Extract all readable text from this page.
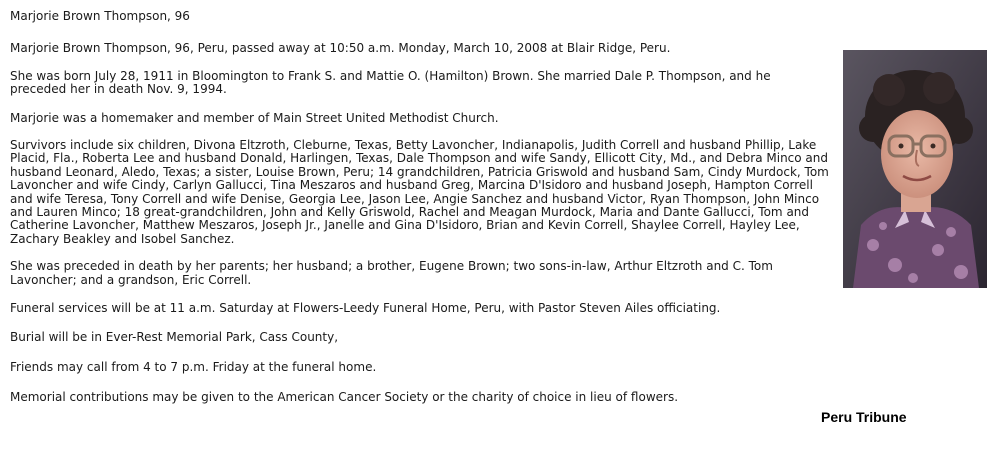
Marjorie Brown Thompson, 96

Marjorie Brown Thompson, 96, Peru, passed away at 10:50 a.m. Monday, March 10, 2008 at Blair Ridge, Peru.

She was born July 28, 1911 in Bloomington to Frank S. and Mattie O. (Hamilton) Brown. She married Dale P. Thompson, and he preceded her in death Nov. 9, 1994.

Marjorie was a homemaker and member of Main Street United Methodist Church.

Survivors include six children, Divona Eltzroth, Cleburne, Texas, Betty Lavoncher, Indianapolis, Judith Correll and husband Phillip, Lake Placid, Fla., Roberta Lee and husband Donald, Harlingen, Texas, Dale Thompson and wife Sandy, Ellicott City, Md., and Debra Minco and husband Leonard, Aledo, Texas; a sister, Louise Brown, Peru; 14 grandchildren, Patricia Griswold and husband Sam, Cindy Murdock, Tom Lavoncher and wife Cindy, Carlyn Gallucci, Tina Meszaros and husband Greg, Marcina D'Isidoro and husband Joseph, Hampton Correll and wife Teresa, Tony Correll and wife Denise, Georgia Lee, Jason Lee, Angie Sanchez and husband Victor, Ryan Thompson, John Minco and Lauren Minco; 18 great-grandchildren, John and Kelly Griswold, Rachel and Meagan Murdock, Maria and Dante Gallucci, Tom and Catherine Lavoncher, Matthew Meszaros, Joseph Jr., Janelle and Gina D'Isidoro, Brian and Kevin Correll, Shaylee Correll, Hayley Lee, Zachary Beakley and Isobel Sanchez.

She was preceded in death by her parents; her husband; a brother, Eugene Brown; two sons-in-law, Arthur Eltzroth and C. Tom Lavoncher; and a grandson, Eric Correll.

Funeral services will be at 11 a.m. Saturday at Flowers-Leedy Funeral Home, Peru, with Pastor Steven Ailes officiating.

Burial will be in Ever-Rest Memorial Park, Cass County,

Friends may call from 4 to 7 p.m. Friday at the funeral home.

Memorial contributions may be given to the American Cancer Society or the charity of choice in lieu of flowers.

Peru Tribune
